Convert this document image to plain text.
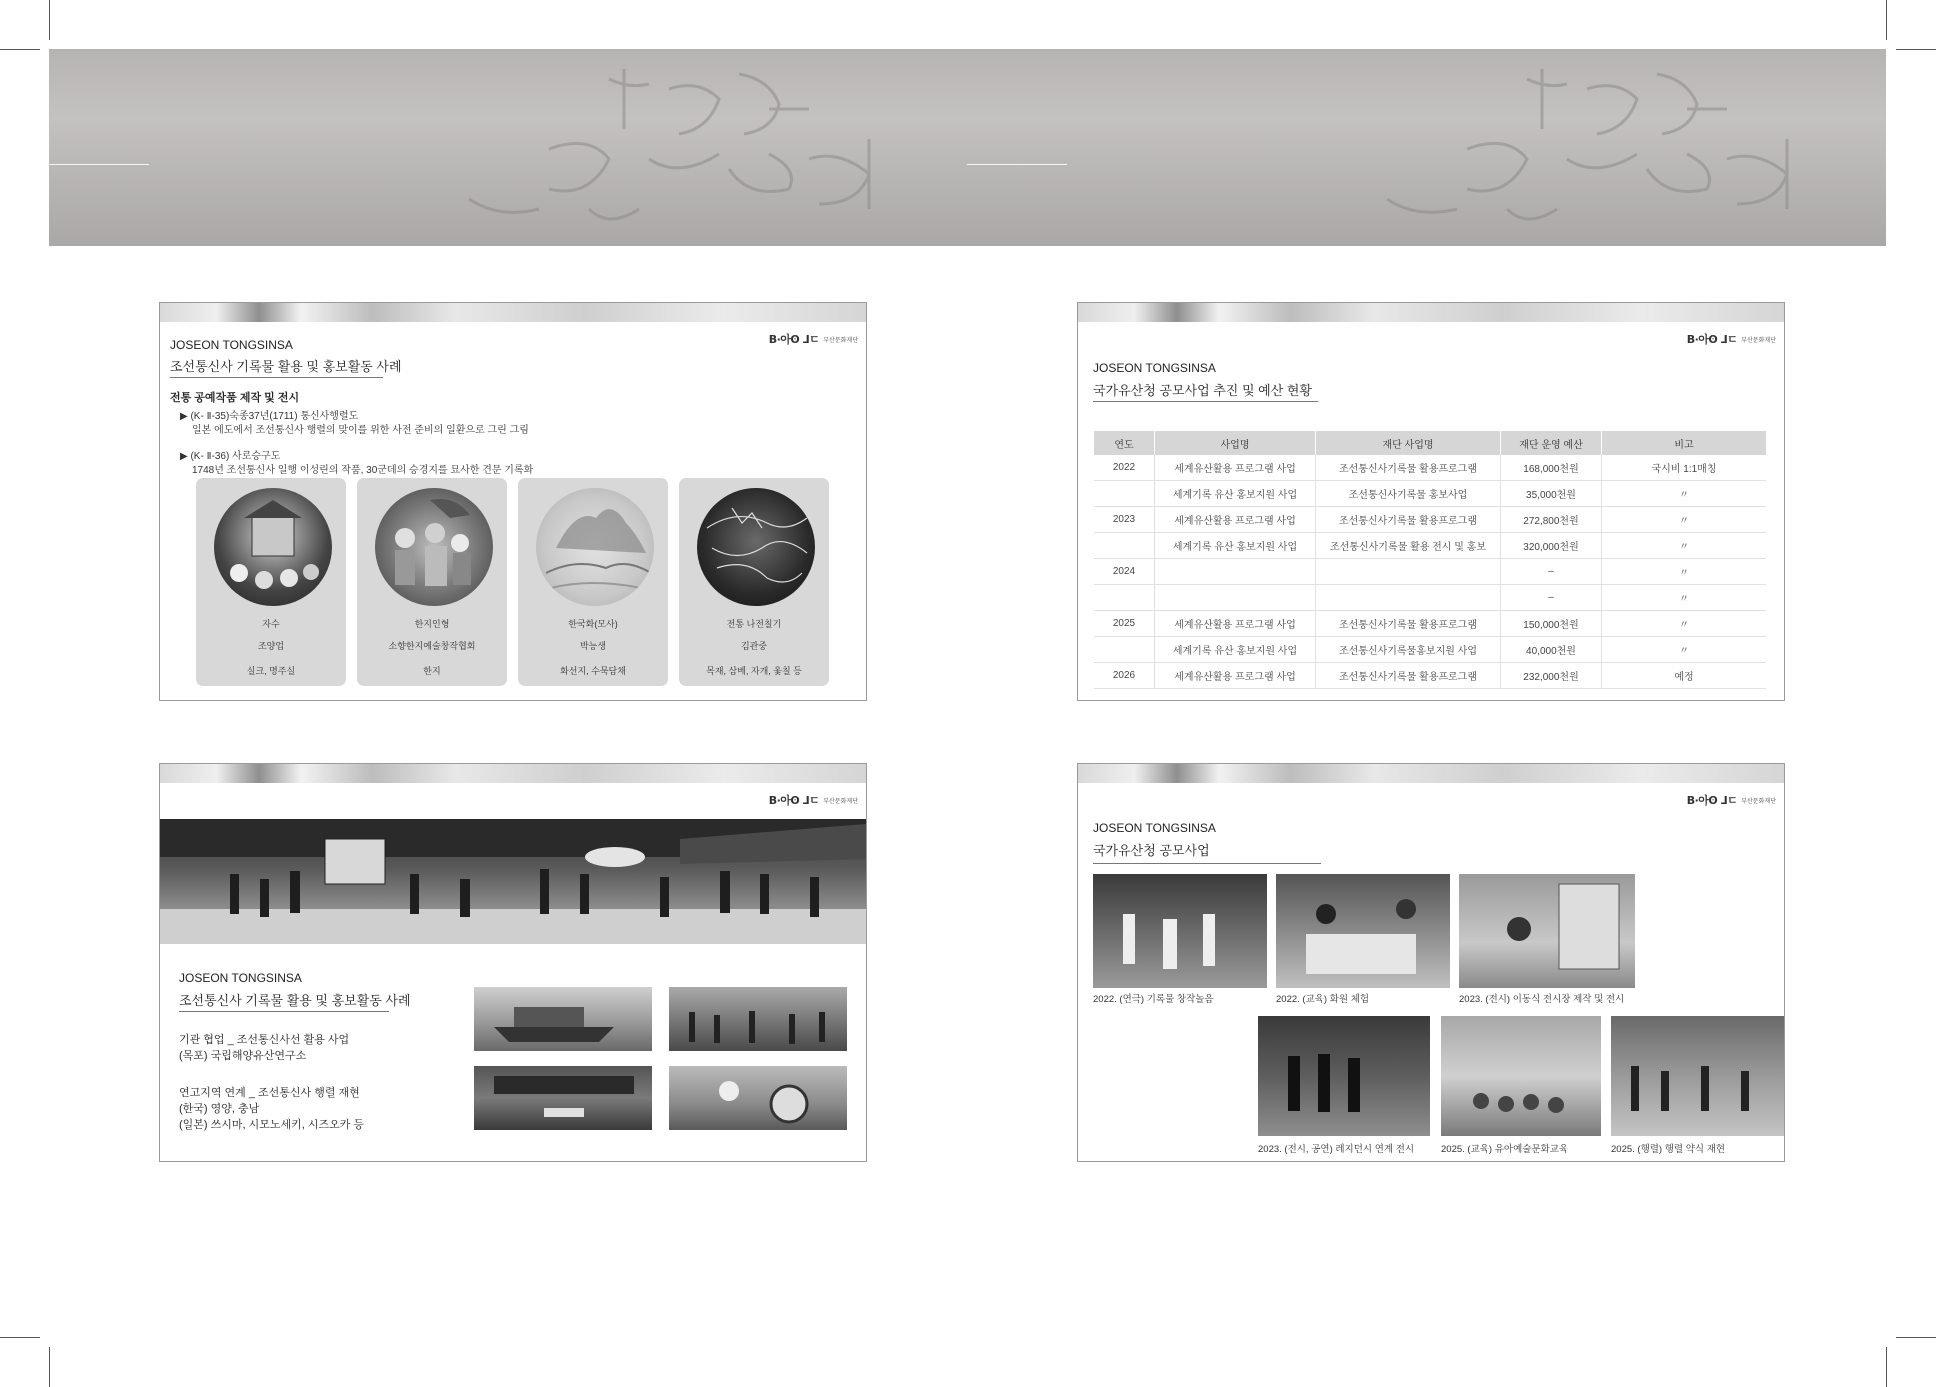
B·아ʘ ⅃ㄷ 부산문화재단
JOSEON TONGSINSA
조선통신사 기록물 활용 및 홍보활동 사례
전통 공예작품 제작 및 전시
▶ (K- Ⅱ-35)숙종37년(1711) 통신사행렬도
일본 에도에서 조선통신사 행렬의 맞이를 위한 사전 준비의 일환으로 그린 그림
▶ (K- Ⅱ-36) 사로승구도
1748년 조선통신사 일행 이성린의 작품, 30군데의 승경지를 묘사한 견문 기록화
자수
조양업
실크, 명주실
한지인형
소향한지예술창작협회
한지
한국화(모사)
박능생
화선지, 수묵담채
전통 나전칠기
김관중
목재, 삼베, 자개, 옻칠 등
B·아ʘ ⅃ㄷ 부산문화재단
JOSEON TONGSINSA
국가유산청 공모사업 추진 및 예산 현황
연도	사업명	재단 사업명	재단 운영 예산	비고
2022	세계유산활용 프로그램 사업	조선통신사기록물 활용프로그램	168,000천원	국시비 1:1매칭
	세계기록 유산 홍보지원 사업	조선통신사기록물 홍보사업	35,000천원	〃
2023	세계유산활용 프로그램 사업	조선통신사기록물 활용프로그램	272,800천원	〃
	세계기록 유산 홍보지원 사업	조선통신사기록물 활용 전시 및 홍보	320,000천원	〃
2024			–	〃
			–	〃
2025	세계유산활용 프로그램 사업	조선통신사기록물 활용프로그램	150,000천원	〃
	세계기록 유산 홍보지원 사업	조선통신사기록물홍보지원 사업	40,000천원	〃
2026	세계유산활용 프로그램 사업	조선통신사기록물 활용프로그램	232,000천원	예정
B·아ʘ ⅃ㄷ 부산문화재단
JOSEON TONGSINSA
조선통신사 기록물 활용 및 홍보활동 사례
기관 협업 _ 조선통신사선 활용 사업
(목포) 국립해양유산연구소
연고지역 연계 _ 조선통신사 행렬 재현
(한국) 영양, 충남
(일본) 쓰시마, 시모노세키, 시즈오카 등
B·아ʘ ⅃ㄷ 부산문화재단
JOSEON TONGSINSA
국가유산청 공모사업
2022. (연극) 기록물 창작놀음	2022. (교육) 화원 체험	2023. (전시) 이동식 전시장 제작 및 전시
2023. (전시, 공연) 레지던시 연계 전시	2025. (교육) 유아예술문화교육	2025. (행렬) 행렬 약식 재현
